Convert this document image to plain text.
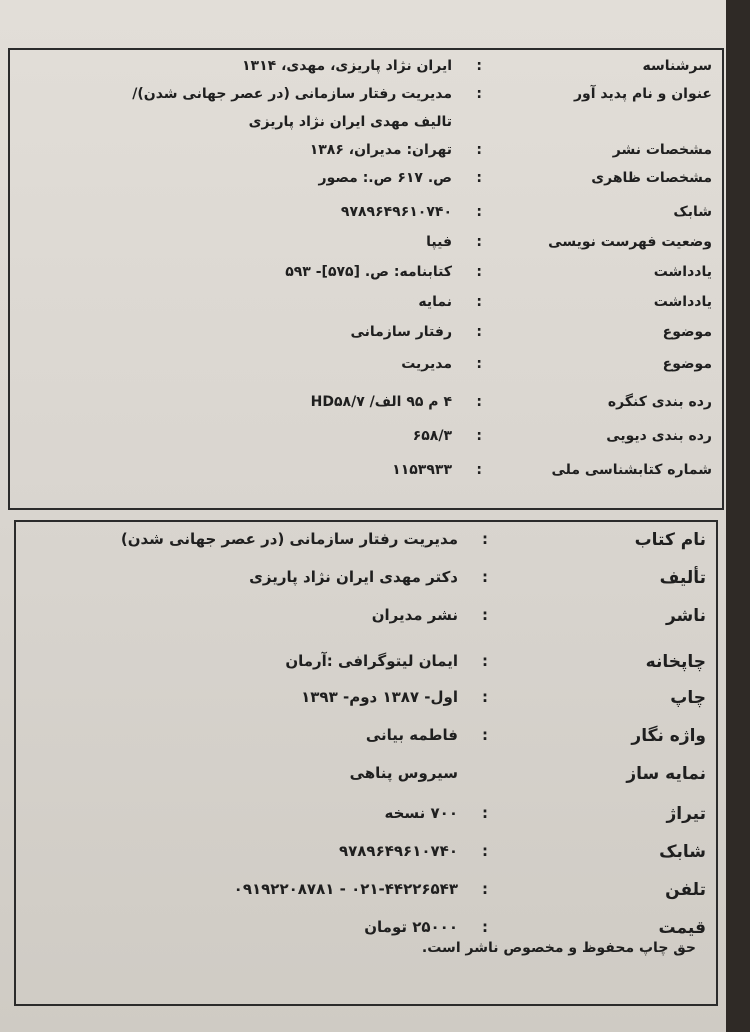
سرشناسه
:
ایران نژاد پاریزی، مهدی، ۱۳۱۴
عنوان و نام پدید آور
:
مدیریت رفتار سازمانی (در عصر جهانی شدن)/
تالیف مهدی ایران نژاد پاریزی
مشخصات نشر
:
تهران: مدیران، ۱۳۸۶
مشخصات ظاهری
:
ص. ۶۱۷ ص.: مصور
شابک
:
۹۷۸۹۶۴۹۶۱۰۷۴۰
وضعیت فهرست نویسی
:
فیپا
یادداشت
:
کتابنامه: ص. [۵۷۵]- ۵۹۳
یادداشت
:
نمایه
موضوع
:
رفتار سازمانی
موضوع
:
مدیریت
رده بندی کنگره
:
۴ م ۹۵ الف/ HD۵۸/۷
رده بندی دیویی
:
۶۵۸/۳
شماره کتابشناسی ملی
:
۱۱۵۳۹۳۳
نام کتاب
:
مدیریت رفتار سازمانی (در عصر جهانی شدن)
تألیف
:
دکتر مهدی ایران نژاد پاریزی
ناشر
:
نشر مدیران
چاپخانه
:
ایمان لیتوگرافی :آرمان
چاپ
:
اول- ۱۳۸۷ دوم- ۱۳۹۳
واژه نگار
:
فاطمه بیانی
نمایه ساز
سیروس پناهی
تیراژ
:
۷۰۰ نسخه
شابک
:
۹۷۸۹۶۴۹۶۱۰۷۴۰
تلفن
:
۰۲۱-۴۴۲۲۶۵۴۳ - ۰۹۱۹۲۲۰۸۷۸۱
قیمت
:
۲۵۰۰۰ تومان
حق چاپ محفوظ و مخصوص ناشر است.
